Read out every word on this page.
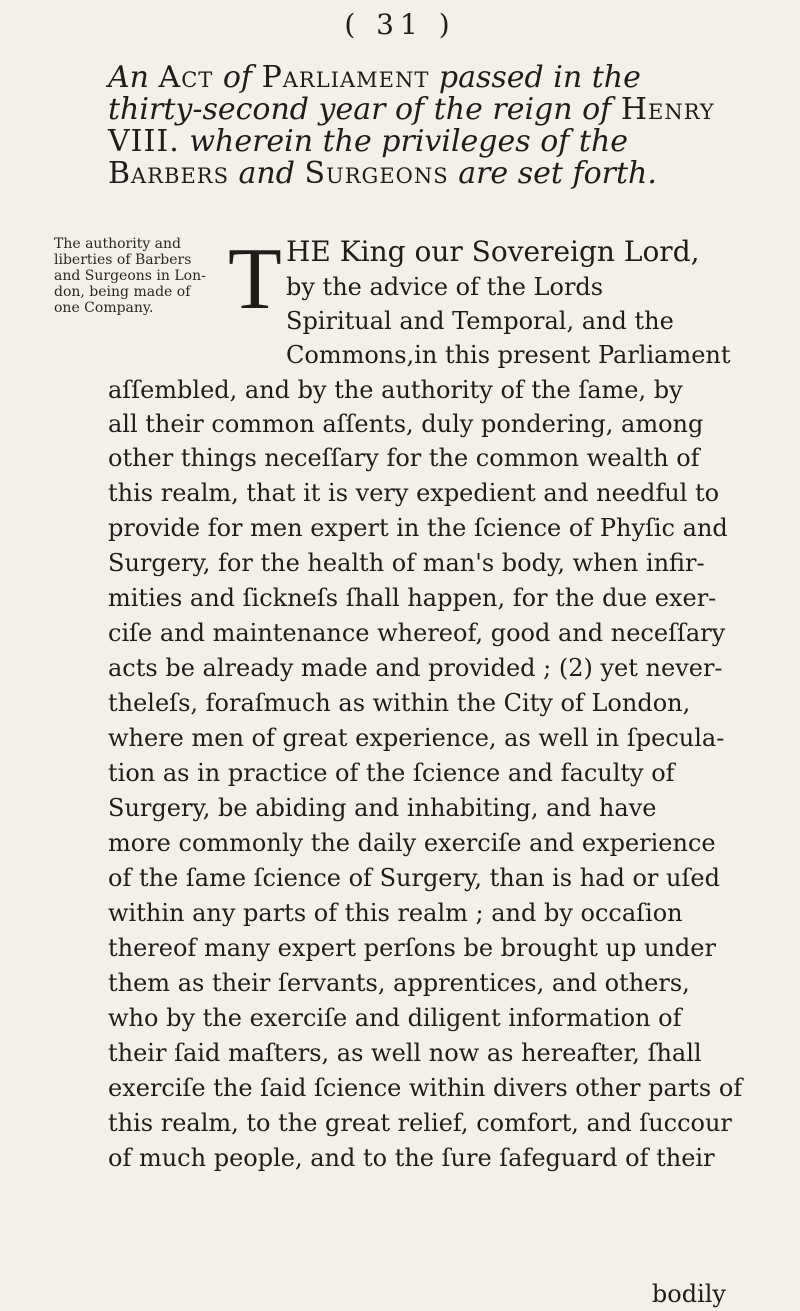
( 31 )
An Act of Parliament passed in the thirty-second year of the reign of Henry VIII. wherein the privileges of the Barbers and Surgeons are set forth.
The authority and
liberties of Barbers
and Surgeons in Lon-
don, being made of
one Company. T HE King our Sovereign Lord,
by the advice of the Lords
Spiritual and Temporal, and the
Commons,in this present Parliament
aſſembled, and by the authority of the ſame, by
all their common aſſents, duly pondering, among
other things neceſſary for the common wealth of
this realm, that it is very expedient and needful to
provide for men expert in the ſcience of Phyſic and
Surgery, for the health of man's body, when infir-
mities and ſickneſs ſhall happen, for the due exer-
ciſe and maintenance whereof, good and neceſſary
acts be already made and provided ; (2) yet never-
theleſs, foraſmuch as within the City of London,
where men of great experience, as well in ſpecula-
tion as in practice of the ſcience and faculty of
Surgery, be abiding and inhabiting, and have
more commonly the daily exerciſe and experience
of the ſame ſcience of Surgery, than is had or uſed
within any parts of this realm ; and by occaſion
thereof many expert perſons be brought up under
them as their ſervants, apprentices, and others,
who by the exerciſe and diligent information of
their ſaid maſters, as well now as hereafter, ſhall
exerciſe the ſaid ſcience within divers other parts of
this realm, to the great relief, comfort, and ſuccour
of much people, and to the ſure ſafeguard of their
bodily
